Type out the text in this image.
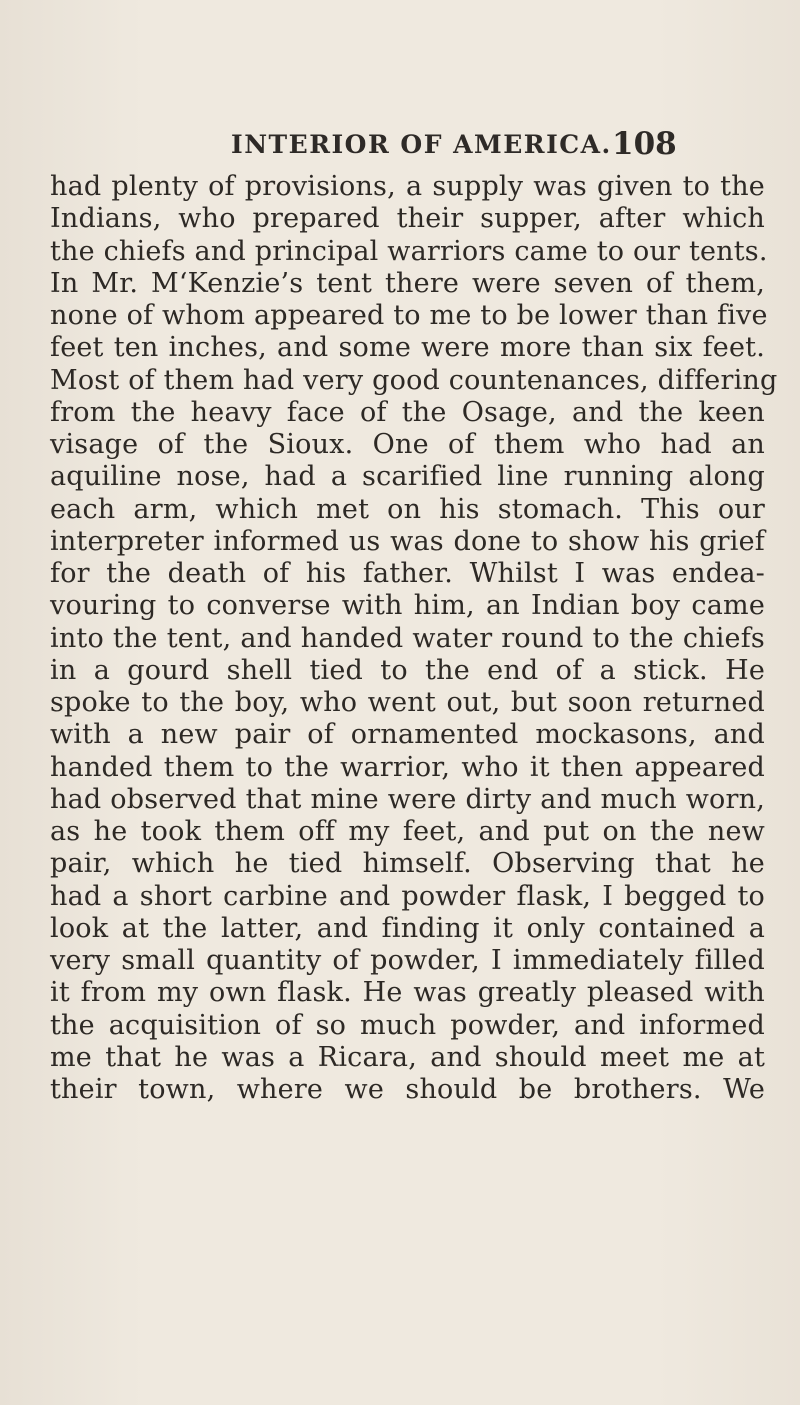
INTERIOR OF AMERICA. 108
had plenty of provisions, a supply was given to the
Indians, who prepared their supper, after which
the chiefs and principal warriors came to our tents.
In Mr. M‘Kenzie’s tent there were seven of them,
none of whom appeared to me to be lower than five
feet ten inches, and some were more than six feet.
Most of them had very good countenances, differing
from the heavy face of the Osage, and the keen
visage of the Sioux. One of them who had an
aquiline nose, had a scarified line running along
each arm, which met on his stomach. This our
interpreter informed us was done to show his grief
for the death of his father. Whilst I was endea-
vouring to converse with him, an Indian boy came
into the tent, and handed water round to the chiefs
in a gourd shell tied to the end of a stick. He
spoke to the boy, who went out, but soon returned
with a new pair of ornamented mockasons, and
handed them to the warrior, who it then appeared
had observed that mine were dirty and much worn,
as he took them off my feet, and put on the new
pair, which he tied himself. Observing that he
had a short carbine and powder flask, I begged to
look at the latter, and finding it only contained a
very small quantity of powder, I immediately filled
it from my own flask. He was greatly pleased with
the acquisition of so much powder, and informed
me that he was a Ricara, and should meet me at
their town, where we should be brothers. We
